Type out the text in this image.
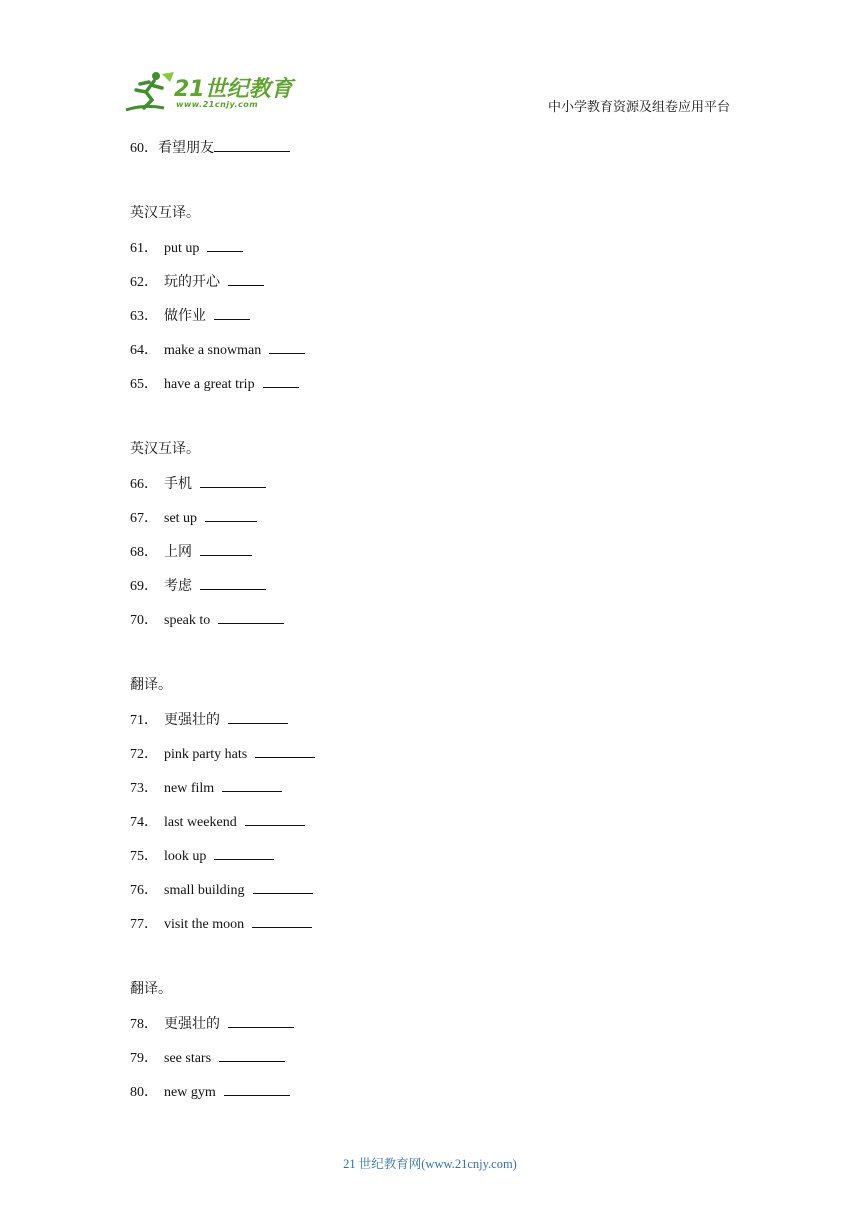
21世纪教育
www.21cnjy.com	中小学教育资源及组卷应用平台
60．看望朋友
英汉互译。
61． put up
62． 玩的开心
63． 做作业
64． make a snowman
65． have a great trip
英汉互译。
66． 手机
67． set up
68． 上网
69． 考虑
70． speak to
翻译。
71． 更强壮的
72． pink party hats
73． new film
74． last weekend
75． look up
76． small building
77． visit the moon
翻译。
78． 更强壮的
79． see stars
80． new gym
21 世纪教育网(www.21cnjy.com)
